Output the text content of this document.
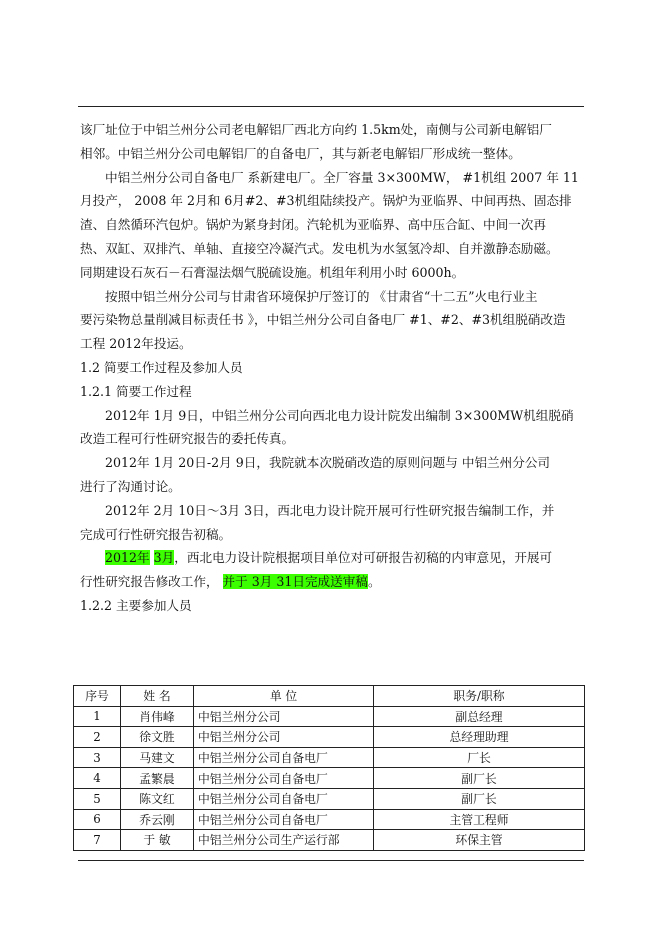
该厂址位于中铝兰州分公司老电解铝厂西北方向约 1.5km处，南侧与公司新电解铝厂
相邻。中铝兰州分公司电解铝厂的自备电厂，其与新老电解铝厂形成统一整体。
中铝兰州分公司自备电厂 系新建电厂。全厂容量 3×300MW， #1机组 2007 年 11
月投产， 2008 年 2月和 6月#2、#3机组陆续投产。锅炉为亚临界、中间再热、固态排
渣、自然循环汽包炉。锅炉为紧身封闭。汽轮机为亚临界、高中压合缸、中间一次再
热、双缸、双排汽、单轴、直接空冷凝汽式。发电机为水氢氢冷却、自并激静态励磁。
同期建设石灰石－石膏湿法烟气脱硫设施。机组年利用小时 6000h。
按照中铝兰州分公司与甘肃省环境保护厅签订的 《甘肃省“十二五”火电行业主
要污染物总量削减目标责任书 》，中铝兰州分公司自备电厂 #1、#2、#3机组脱硝改造
工程 2012年投运。
1.2 简要工作过程及参加人员
1.2.1 简要工作过程
2012年 1月 9日，中铝兰州分公司向西北电力设计院发出编制 3×300MW机组脱硝
改造工程可行性研究报告的委托传真。
2012年 1月 20日-2月 9日，我院就本次脱硝改造的原则问题与 中铝兰州分公司
进行了沟通讨论。
2012年 2月 10日～3月 3日，西北电力设计院开展可行性研究报告编制工作，并
完成可行性研究报告初稿。
2012年 3月，西北电力设计院根据项目单位对可研报告初稿的内审意见，开展可
行性研究报告修改工作， 并于 3月 31日完成送审稿。
1.2.2 主要参加人员
序号	姓 名	单 位	职务/职称
1	肖伟峰	中铝兰州分公司	副总经理
2	徐文胜	中铝兰州分公司	总经理助理
3	马建文	中铝兰州分公司自备电厂	厂长
4	孟繁晨	中铝兰州分公司自备电厂	副厂长
5	陈文红	中铝兰州分公司自备电厂	副厂长
6	乔云刚	中铝兰州分公司自备电厂	主管工程师
7	于 敏	中铝兰州分公司生产运行部	环保主管
